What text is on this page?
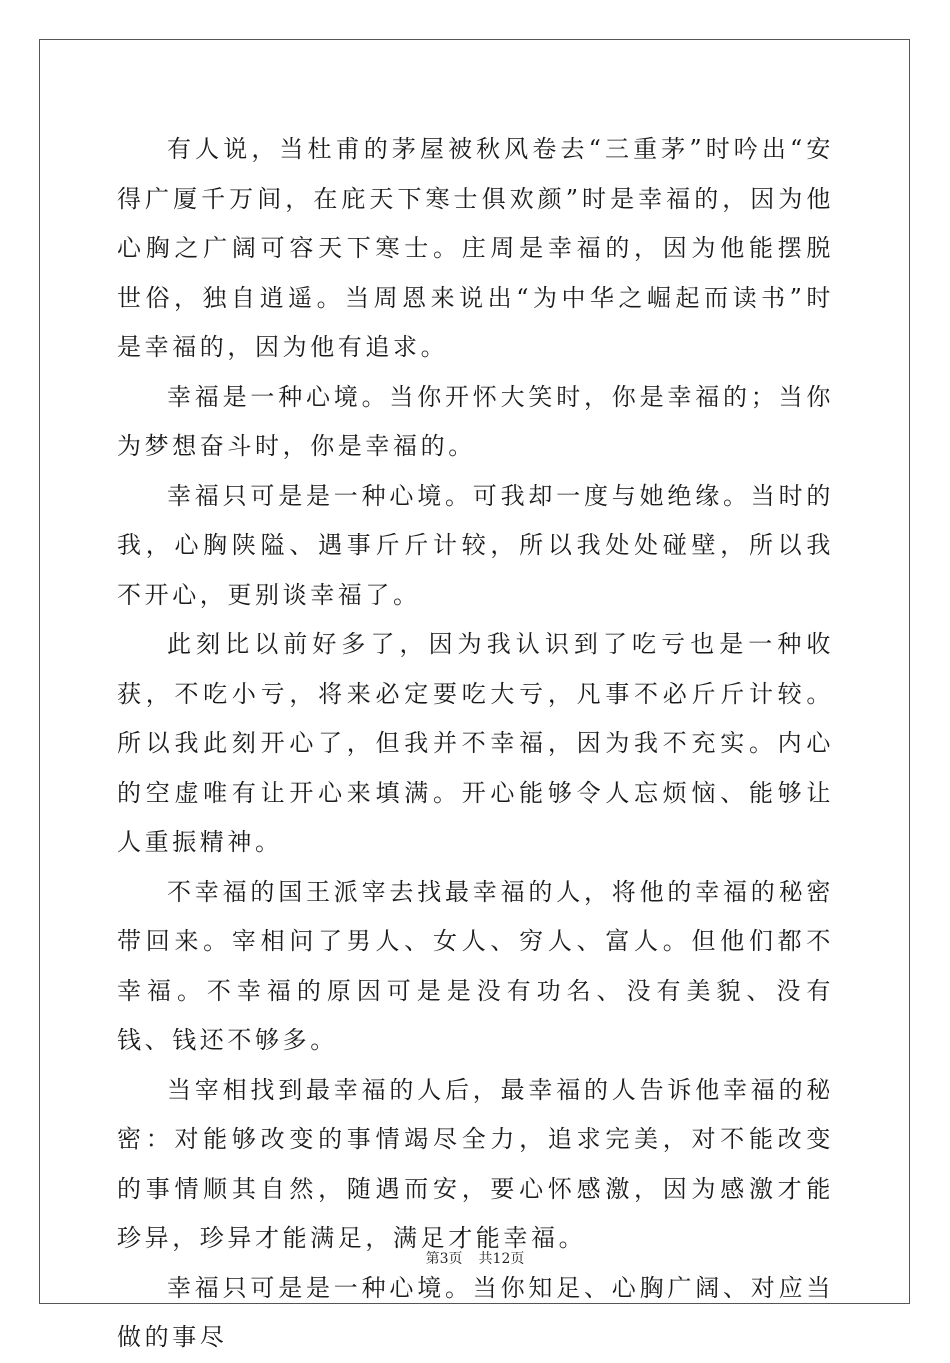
有人说，当杜甫的茅屋被秋风卷去“三重茅”时吟出“安得广厦千万间，在庇天下寒士俱欢颜”时是幸福的，因为他心胸之广阔可容天下寒士。庄周是幸福的，因为他能摆脱世俗，独自逍遥。当周恩来说出“为中华之崛起而读书”时是幸福的，因为他有追求。

幸福是一种心境。当你开怀大笑时，你是幸福的；当你为梦想奋斗时，你是幸福的。

幸福只可是是一种心境。可我却一度与她绝缘。当时的我，心胸陕隘、遇事斤斤计较，所以我处处碰壁，所以我不开心，更别谈幸福了。

此刻比以前好多了，因为我认识到了吃亏也是一种收获，不吃小亏，将来必定要吃大亏，凡事不必斤斤计较。所以我此刻开心了，但我并不幸福，因为我不充实。内心的空虚唯有让开心来填满。开心能够令人忘烦恼、能够让人重振精神。

不幸福的国王派宰去找最幸福的人，将他的幸福的秘密带回来。宰相问了男人、女人、穷人、富人。但他们都不幸福。不幸福的原因可是是没有功名、没有美貌、没有钱、钱还不够多。

当宰相找到最幸福的人后，最幸福的人告诉他幸福的秘密：对能够改变的事情竭尽全力，追求完美，对不能改变的事情顺其自然，随遇而安，要心怀感激，因为感激才能珍异，珍异才能满足，满足才能幸福。

幸福只可是是一种心境。当你知足、心胸广阔、对应当做的事尽

第3页 共12页
